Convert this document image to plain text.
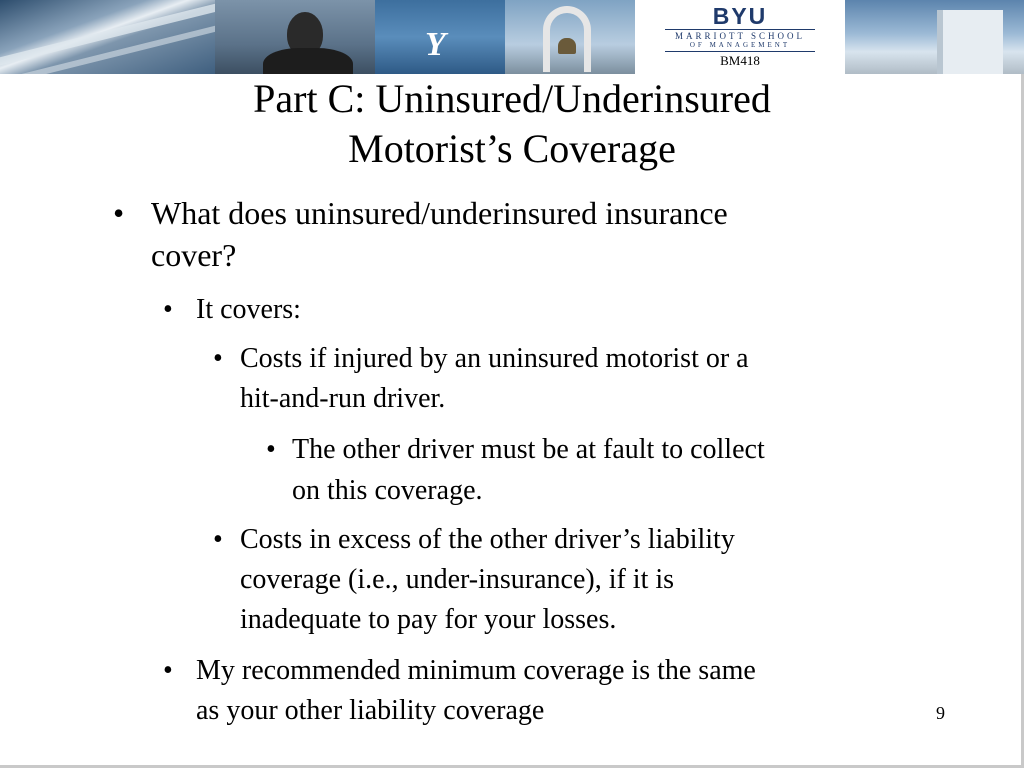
Y
BYU
MARRIOTT SCHOOL
OF MANAGEMENT
BM418
Part C: Uninsured/Underinsured
Motorist’s Coverage
• What does uninsured/underinsured insurance
cover?
• It covers:
• Costs if injured by an uninsured motorist or a
hit-and-run driver.
• The other driver must be at fault to collect
on this coverage.
• Costs in excess of the other driver’s liability
coverage (i.e., under-insurance), if it is
inadequate to pay for your losses.
• My recommended minimum coverage is the same
as your other liability coverage	9
